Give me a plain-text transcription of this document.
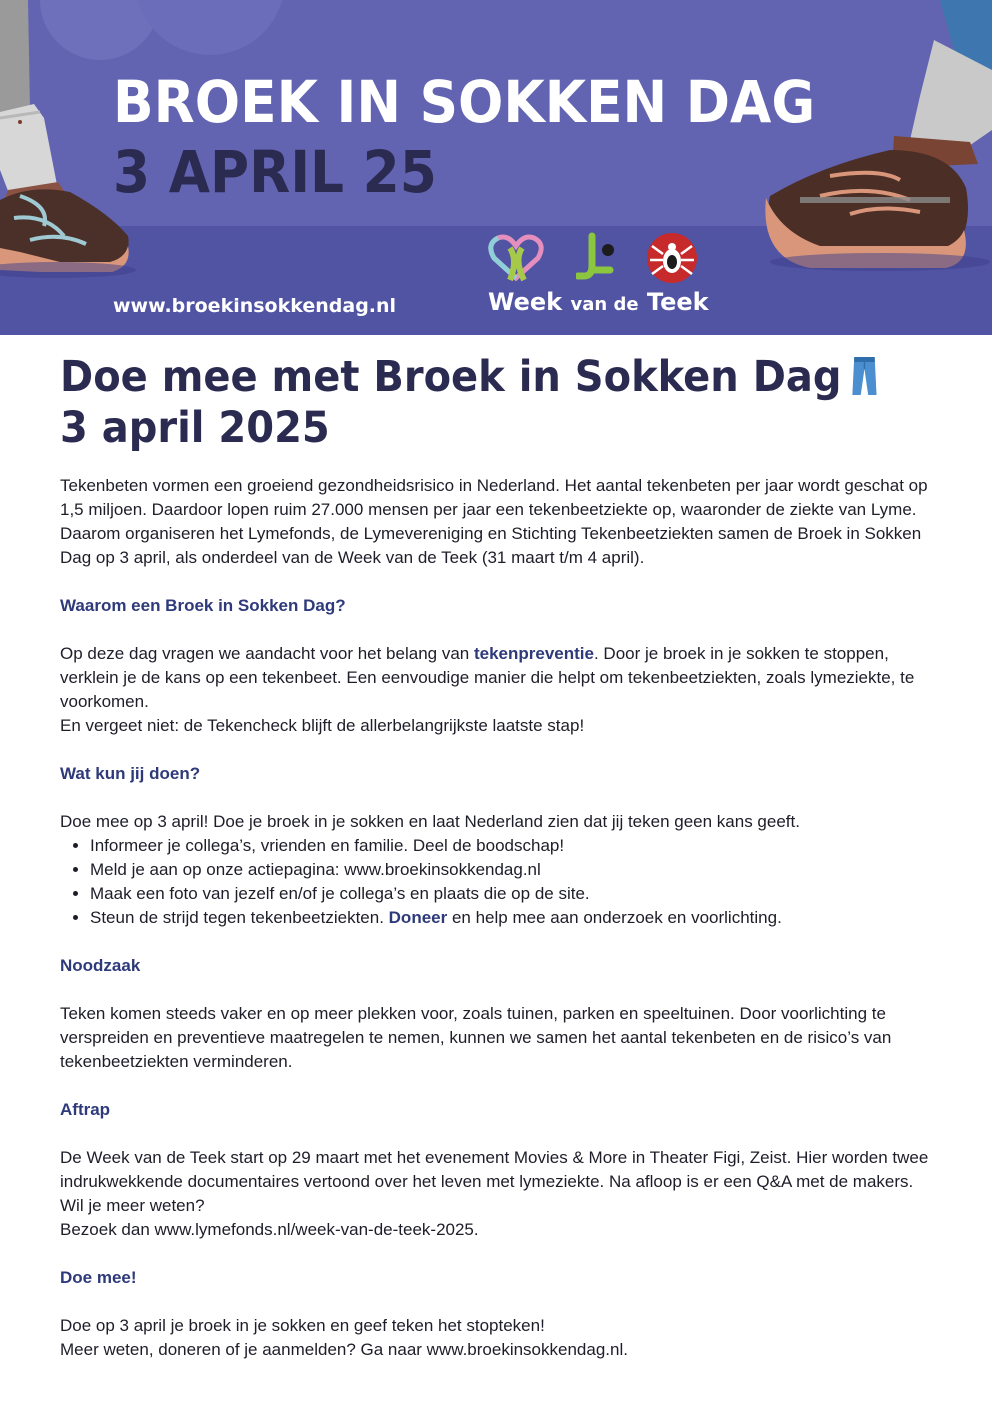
BROEK IN SOKKEN DAG
3 APRIL 25
www.broekinsokkendag.nl	Week van de Teek
Doe mee met Broek in Sokken Dag
3 april 2025

Tekenbeten vormen een groeiend gezondheidsrisico in Nederland. Het aantal tekenbeten per jaar wordt geschat op 1,5 miljoen. Daardoor lopen ruim 27.000 mensen per jaar een tekenbeetziekte op, waaronder de ziekte van Lyme. Daarom organiseren het Lymefonds, de Lymevereniging en Stichting Tekenbeetziekten samen de Broek in Sokken Dag op 3 april, als onderdeel van de Week van de Teek (31 maart t/m 4 april).

Waarom een Broek in Sokken Dag?

Op deze dag vragen we aandacht voor het belang van tekenpreventie. Door je broek in je sokken te stoppen, verklein je de kans op een tekenbeet. Een eenvoudige manier die helpt om tekenbeetziekten, zoals lymeziekte, te voorkomen.

En vergeet niet: de Tekencheck blijft de allerbelangrijkste laatste stap!

Wat kun jij doen?

Doe mee op 3 april! Doe je broek in je sokken en laat Nederland zien dat jij teken geen kans geeft.

• Informeer je collega’s, vrienden en familie. Deel de boodschap!
• Meld je aan op onze actiepagina: www.broekinsokkendag.nl
• Maak een foto van jezelf en/of je collega’s en plaats die op de site.
• Steun de strijd tegen tekenbeetziekten. Doneer en help mee aan onderzoek en voorlichting.
Noodzaak

Teken komen steeds vaker en op meer plekken voor, zoals tuinen, parken en speeltuinen. Door voorlichting te verspreiden en preventieve maatregelen te nemen, kunnen we samen het aantal tekenbeten en de risico’s van tekenbeetziekten verminderen.

Aftrap

De Week van de Teek start op 29 maart met het evenement Movies & More in Theater Figi, Zeist. Hier worden twee indrukwekkende documentaires vertoond over het leven met lymeziekte. Na afloop is er een Q&A met de makers. Wil je meer weten?

Bezoek dan www.lymefonds.nl/week-van-de-teek-2025.

Doe mee!

Doe op 3 april je broek in je sokken en geef teken het stopteken!

Meer weten, doneren of je aanmelden? Ga naar www.broekinsokkendag.nl.
